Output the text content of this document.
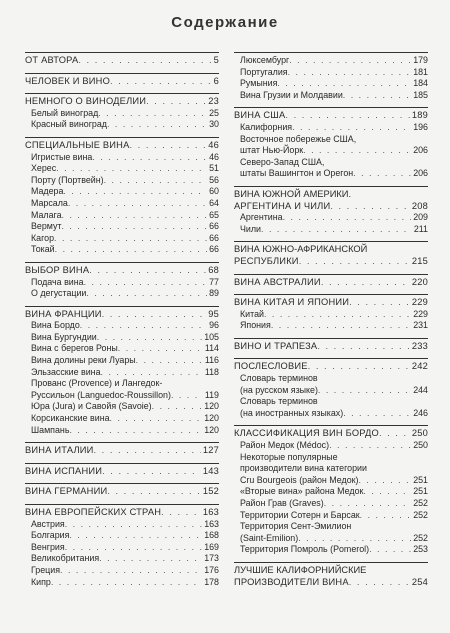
Содержание
ОТ АВТОРА . . .	5
ЧЕЛОВЕК И ВИНО . . .	6
НЕМНОГО О ВИНОДЕЛИИ . . .	23
Белый виноград . . .	25
Красный виноград . . .	30
СПЕЦИАЛЬНЫЕ ВИНА . . .	46
Игристые вина . . .	46
Херес . . .	51
Порту (Портвейн) . . .	56
Мадера . . .	60
Марсала . . .	64
Малага . . .	65
Вермут . . .	66
Кагор . . .	66
Токай . . .	66
ВЫБОР ВИНА . . .	68
Подача вина . . .	77
О дегустации . . .	89
ВИНА ФРАНЦИИ . . .	95
Вина Бордо . . .	96
Вина Бургундии . . .	105
Вина с берегов Роны . . .	114
Вина долины реки Луары . . .	116
Эльзасские вина . . .	118
Прованс (Provence) и Лангедок-
Руссильон (Languedoc-Roussillon) . . .	119
Юра (Jura) и Савойя (Savoie) . . .	120
Корсиканские вина . . .	120
Шампань . . .	120
ВИНА ИТАЛИИ . . .	127
ВИНА ИСПАНИИ . . .	143
ВИНА ГЕРМАНИИ . . .	152
ВИНА ЕВРОПЕЙСКИХ СТРАН . . .	163
Австрия . . .	163
Болгария . . .	168
Венгрия . . .	169
Великобритания . . .	173
Греция . . .	176
Кипр . . .	178
Люксембург . . .	179
Португалия . . .	181
Румыния . . .	184
Вина Грузии и Молдавии . . .	185
ВИНА США . . .	189
Калифорния . . .	196
Восточное побережье США,
штат Нью-Йорк . . .	206
Северо-Запад США,
штаты Вашингтон и Орегон . . .	206
ВИНА ЮЖНОЙ АМЕРИКИ.
АРГЕНТИНА И ЧИЛИ . . .	208
Аргентина . . .	209
Чили . . .	211
ВИНА ЮЖНО-АФРИКАНСКОЙ
РЕСПУБЛИКИ . . .	215
ВИНА АВСТРАЛИИ . . .	220
ВИНА КИТАЯ И ЯПОНИИ . . .	229
Китай . . .	229
Япония . . .	231
ВИНО И ТРАПЕЗА . . .	233
ПОСЛЕСЛОВИЕ . . .	242
Словарь терминов
(на русском языке) . . .	244
Словарь терминов
(на иностранных языках) . . .	246
КЛАССИФИКАЦИЯ ВИН БОРДО . . .	250
Район Медок (Médoc) . . .	250
Некоторые популярные
производители вина категории
Cru Bourgeois (район Медок) . . .	251
«Вторые вина» района Медок . . .	251
Район Грав (Graves) . . .	252
Территории Сотерн и Барсак . . .	252
Территория Сент-Эмилион
(Saint-Emilion) . . .	252
Территория Помроль (Pomerol) . . .	253
ЛУЧШИЕ КАЛИФОРНИЙСКИЕ
ПРОИЗВОДИТЕЛИ ВИНА . . .	254
